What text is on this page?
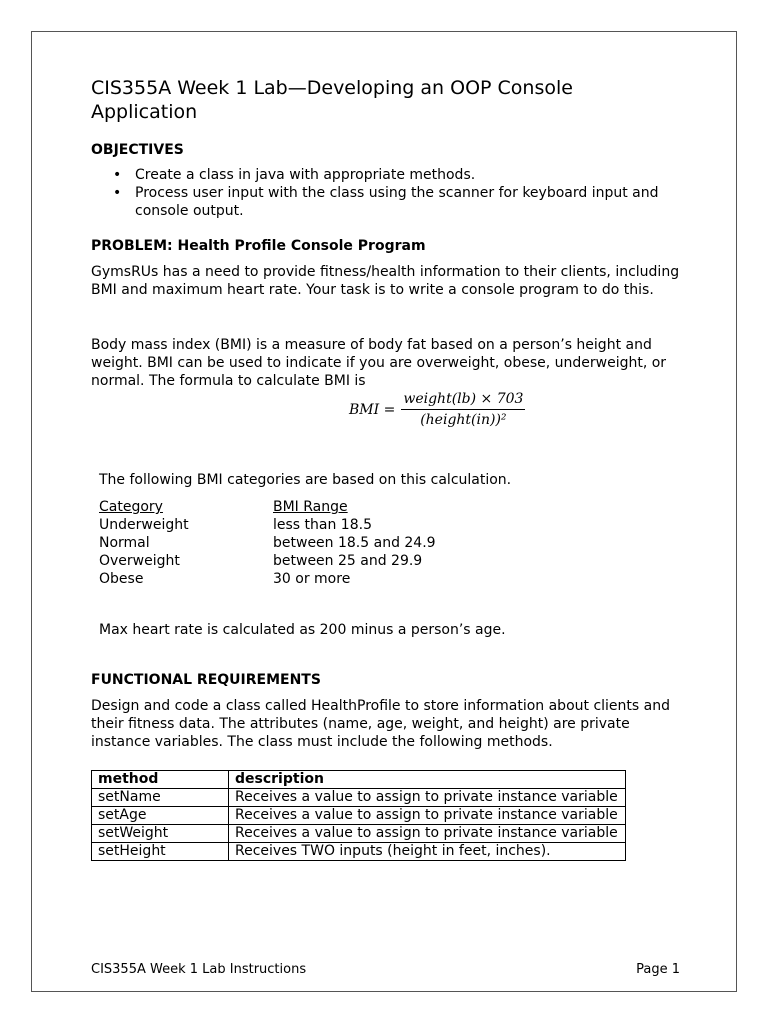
CIS355A Week 1 Lab—Developing an OOP Console Application
OBJECTIVES
• Create a class in java with appropriate methods.
• Process user input with the class using the scanner for keyboard input and console output.
PROBLEM: Health Profile Console Program

GymsRUs has a need to provide fitness/health information to their clients, including BMI and maximum heart rate. Your task is to write a console program to do this.

Body mass index (BMI) is a measure of body fat based on a person’s height and weight. BMI can be used to indicate if you are overweight, obese, underweight, or normal. The formula to calculate BMI is

BMI = $\frac{\text{weight(lb) × 703}}{\text{(height(in))²}}$

The following BMI categories are based on this calculation.

Category	BMI Range
Underweight	less than 18.5
Normal	between 18.5 and 24.9
Overweight	between 25 and 29.9
Obese	30 or more

Max heart rate is calculated as 200 minus a person’s age.

FUNCTIONAL REQUIREMENTS

Design and code a class called HealthProfile to store information about clients and their fitness data. The attributes (name, age, weight, and height) are private instance variables. The class must include the following methods.

method	description
setName	Receives a value to assign to private instance variable
setAge	Receives a value to assign to private instance variable
setWeight	Receives a value to assign to private instance variable
setHeight	Receives TWO inputs (height in feet, inches).
CIS355A Week 1 Lab Instructions	Page 1
